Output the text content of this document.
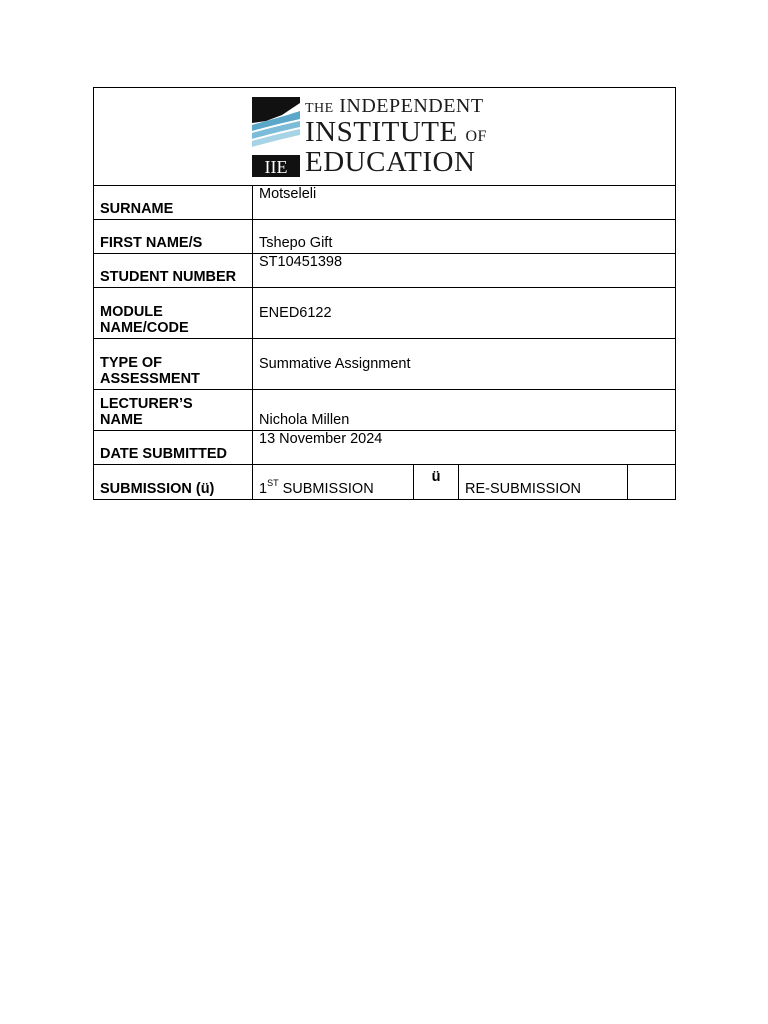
IIE
THE INDEPENDENT
INSTITUTE OF
EDUCATION				

SURNAME	Motseleli			
FIRST NAME/S	Tshepo Gift			
STUDENT NUMBER	ST10451398			
MODULE
NAME/CODE	ENED6122			
TYPE OF
ASSESSMENT	Summative Assignment			
LECTURER’S
NAME	Nichola Millen			
DATE SUBMITTED	13 November 2024			
SUBMISSION (ü)	1ST SUBMISSION	ü	RE-SUBMISSION	
